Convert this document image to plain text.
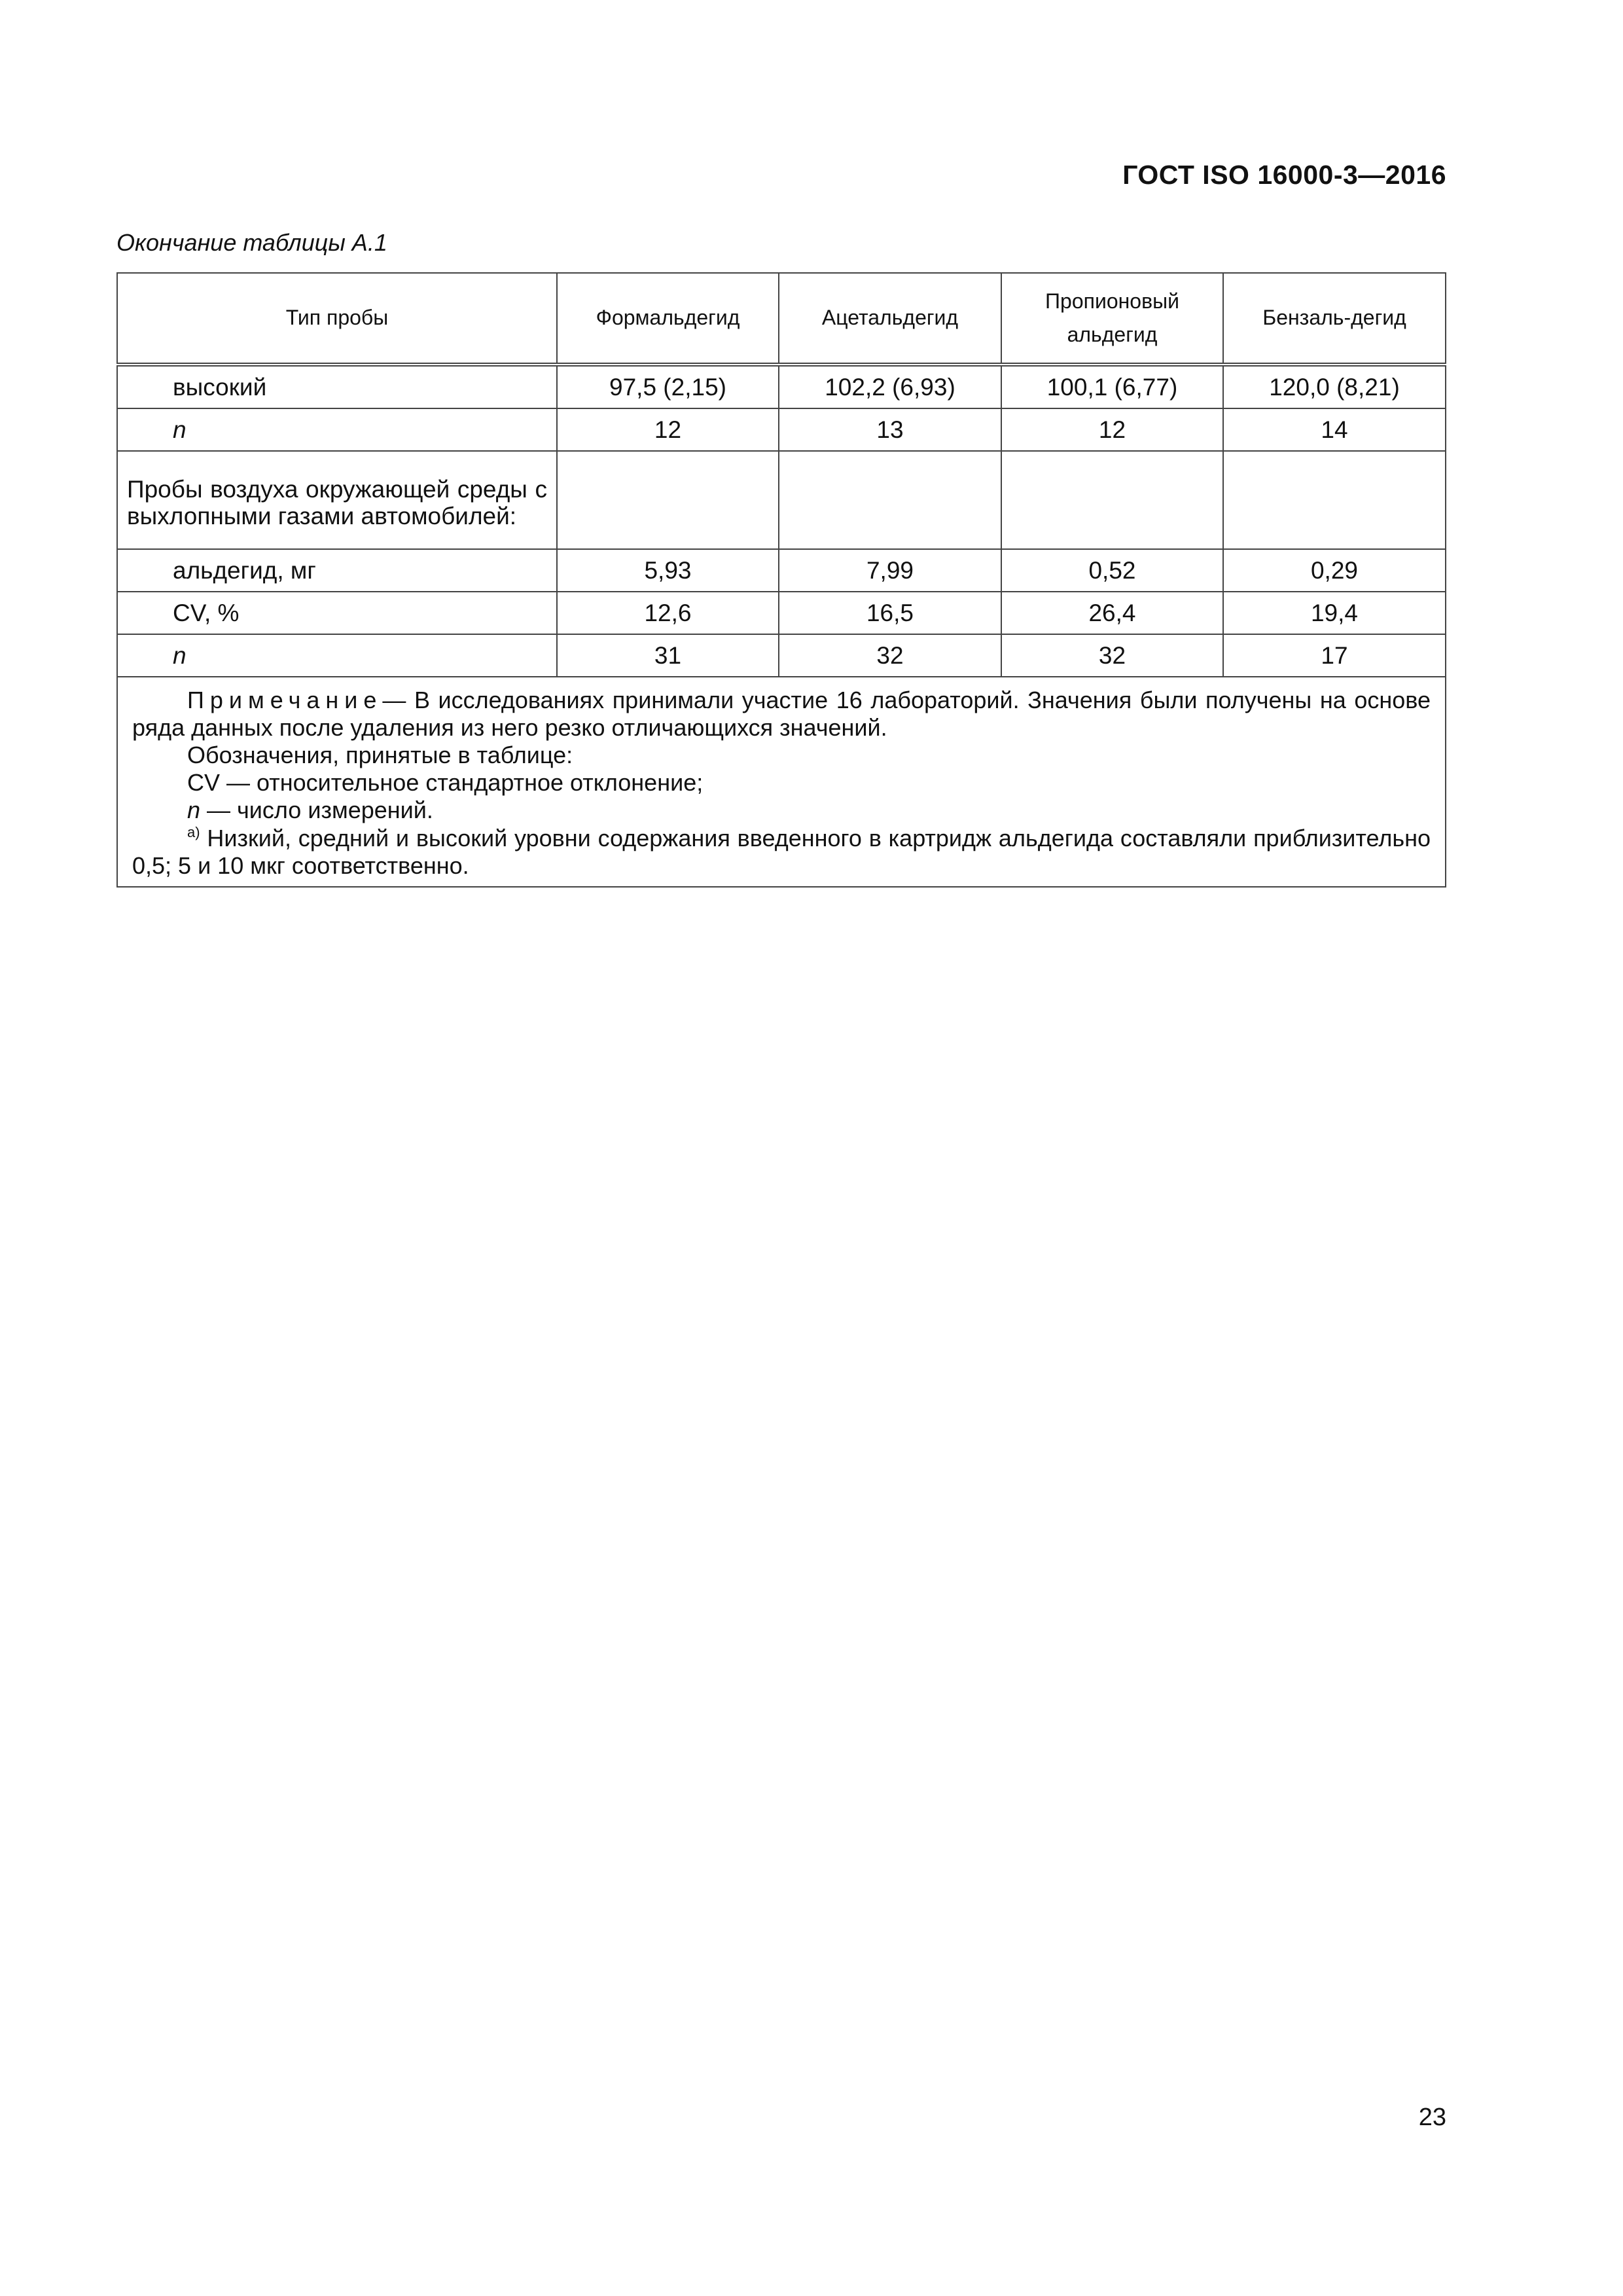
ГОСТ ISO 16000-3—2016
Окончание таблицы А.1
Тип пробы	Формальдегид	Ацетальдегид	Пропионовый альдегид	Бензаль-дегид
высокий	97,5 (2,15)	102,2 (6,93)	100,1 (6,77)	120,0 (8,21)
n	12	13	12	14
Пробы воздуха окружающей среды с выхлопными газами автомобилей:				
альдегид, мг	5,93	7,99	0,52	0,29
CV, %	12,6	16,5	26,4	19,4
n	31	32	32	17

Примечание— В исследованиях принимали участие 16 лабораторий. Значения были получены на основе ряда данных после удаления из него резко отличающихся значений.

Обозначения, принятые в таблице:

CV — относительное стандартное отклонение;

n — число измерений.

$^{a)}$ Низкий, средний и высокий уровни содержания введенного в картридж альдегида составляли приблизительно 0,5; 5 и 10 мкг соответственно.				

23
